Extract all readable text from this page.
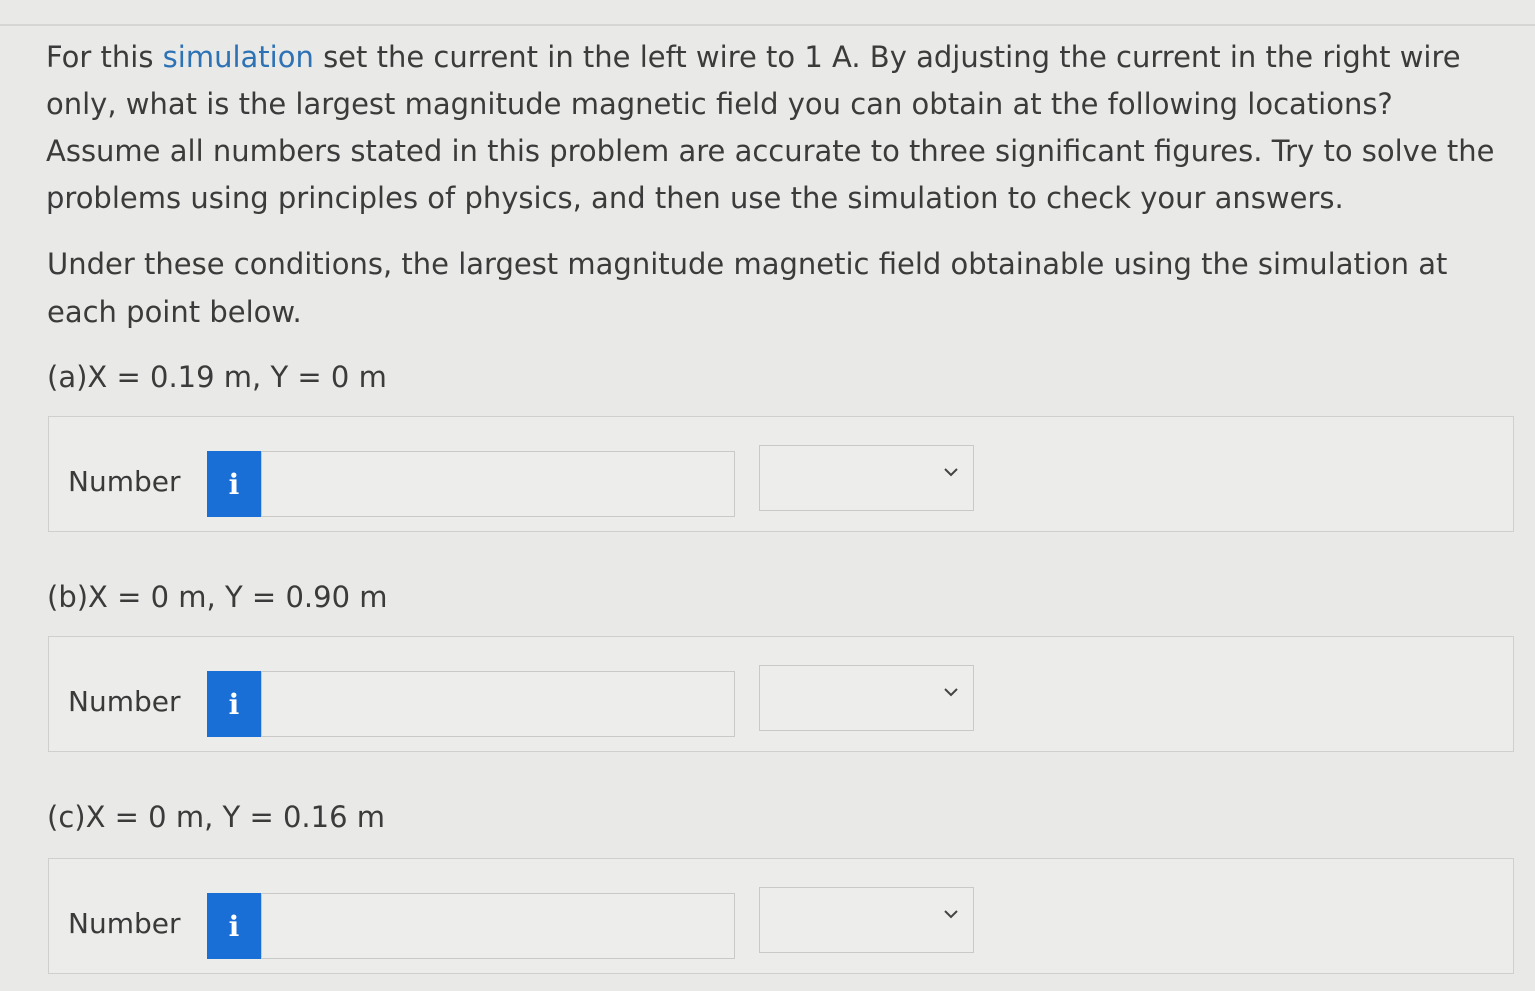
For this simulation set the current in the left wire to 1 A. By adjusting the current in the right wire only, what is the largest magnitude magnetic field you can obtain at the following locations? Assume all numbers stated in this problem are accurate to three significant figures. Try to solve the problems using principles of physics, and then use the simulation to check your answers.

Under these conditions, the largest magnitude magnetic field obtainable using the simulation at each point below.

(a)X = 0.19 m, Y = 0 m

Number i

(b)X = 0 m, Y = 0.90 m

Number i

(c)X = 0 m, Y = 0.16 m

Number i
